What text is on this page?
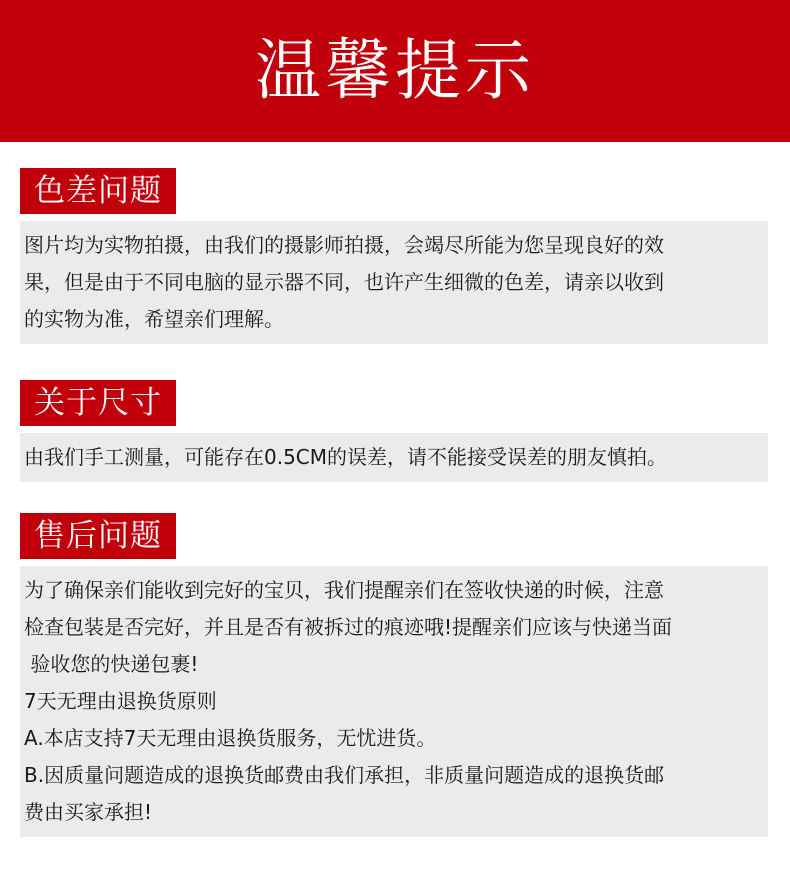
温馨提示
色差问题

图片均为实物拍摄，由我们的摄影师拍摄，会竭尽所能为您呈现良好的效

果，但是由于不同电脑的显示器不同，也许产生细微的色差，请亲以收到

的实物为准，希望亲们理解。

关于尺寸

由我们手工测量，可能存在0.5CM的误差，请不能接受误差的朋友慎拍。

售后问题

为了确保亲们能收到完好的宝贝，我们提醒亲们在签收快递的时候，注意

检查包装是否完好，并且是否有被拆过的痕迹哦!提醒亲们应该与快递当面

验收您的快递包裹!

7天无理由退换货原则

A.本店支持7天无理由退换货服务，无忧进货。

B.因质量问题造成的退换货邮费由我们承担，非质量问题造成的退换货邮

费由买家承担!
